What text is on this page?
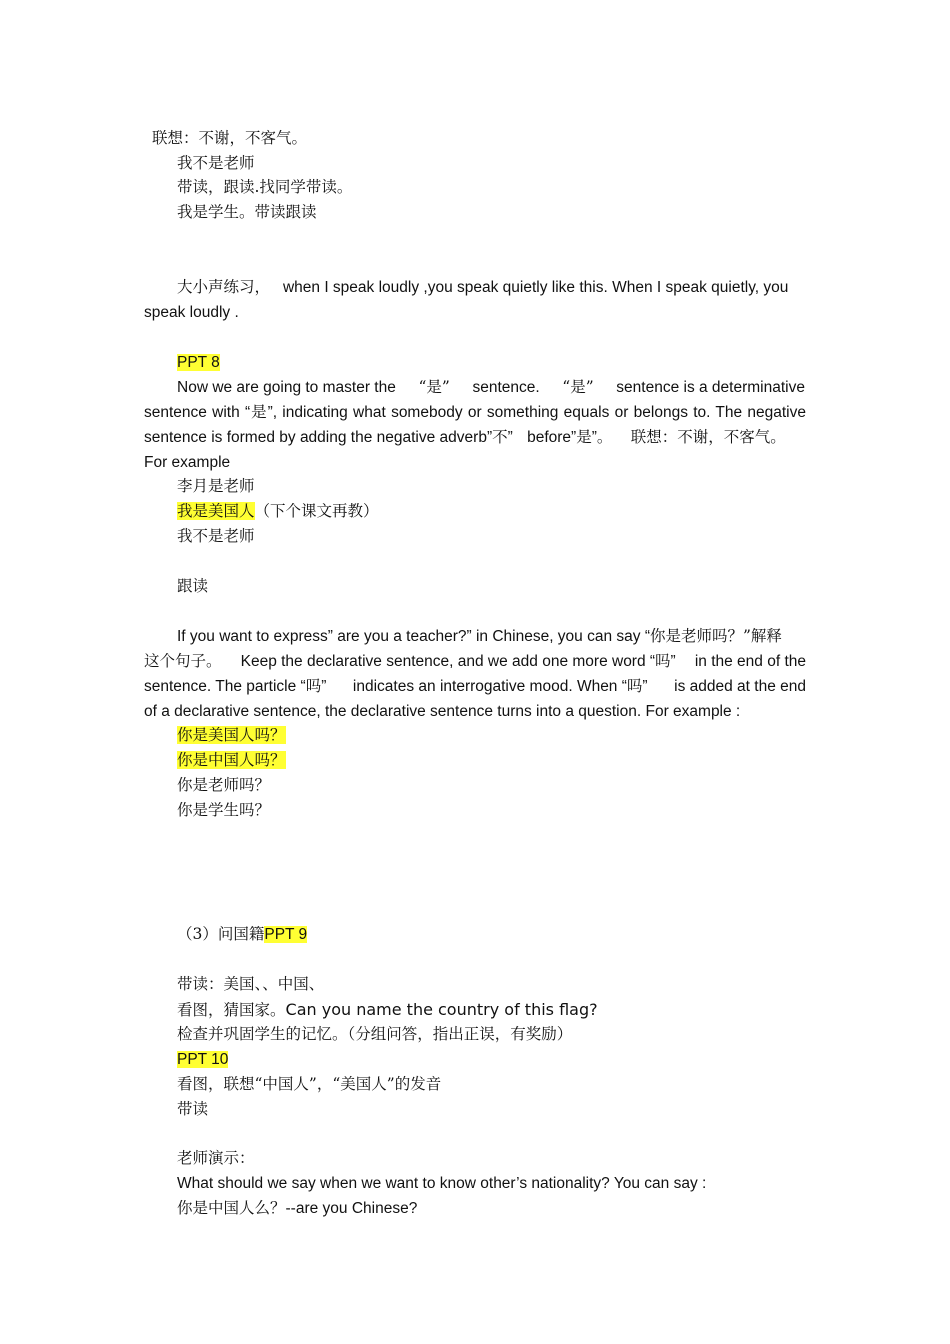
联想：不谢，不客气。
我不是老师
带读，跟读.找同学带读。
我是学生。带读跟读
大小声练习， when I speak loudly ,you speak quietly like this. When I speak quietly, you
speak loudly .
PPT 8
Now we are going to master the “是” sentence. “是” sentence is a determinative
sentence with “是”, indicating what somebody or something equals or belongs to. The negative
sentence is formed by adding the negative adverb”不” before”是”。 联想：不谢，不客气。
For example
李月是老师
我是美国人（下个课文再教）
我不是老师
跟读
If you want to express” are you a teacher?” in Chinese, you can say “你是老师吗？”解释
这个句子。 Keep the declarative sentence, and we add one more word “吗” in the end of the
sentence. The particle “吗” indicates an interrogative mood. When “吗” is added at the end
of a declarative sentence, the declarative sentence turns into a question. For example :
你是美国人吗？
你是中国人吗？
你是老师吗？
你是学生吗？
（3）问国籍PPT 9
带读：美国、、中国、
看图，猜国家。Can you name the country of this flag?
检查并巩固学生的记忆。（分组问答，指出正误，有奖励）
PPT 10
看图，联想“中国人”，“美国人”的发音
带读
老师演示：
What should we say when we want to know other’s nationality? You can say :
你是中国人么？--are you Chinese?
